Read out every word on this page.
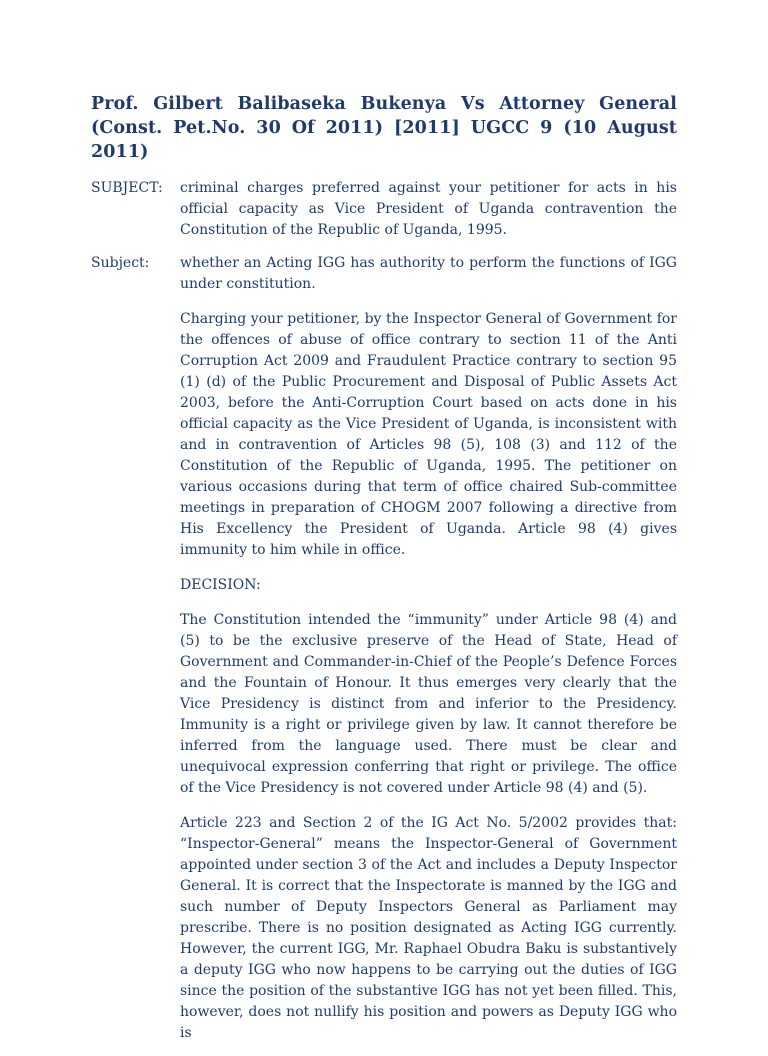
Prof. Gilbert Balibaseka Bukenya Vs Attorney General (Const. Pet.No. 30 Of 2011) [2011] UGCC 9 (10 August 2011)
SUBJECT:	criminal charges preferred against your petitioner for acts in his official capacity as Vice President of Uganda contravention the Constitution of the Republic of Uganda, 1995.
Subject:	whether an Acting IGG has authority to perform the functions of IGG under constitution.

Charging your petitioner, by the Inspector General of Government for the offences of abuse of office contrary to section 11 of the Anti Corruption Act 2009 and Fraudulent Practice contrary to section 95 (1) (d) of the Public Procurement and Disposal of Public Assets Act 2003, before the Anti-Corruption Court based on acts done in his official capacity as the Vice President of Uganda, is inconsistent with and in contravention of Articles 98 (5), 108 (3) and 112 of the Constitution of the Republic of Uganda, 1995. The petitioner on various occasions during that term of office chaired Sub-committee meetings in preparation of CHOGM 2007 following a directive from His Excellency the President of Uganda. Article 98 (4) gives immunity to him while in office.

DECISION:

The Constitution intended the “immunity” under Article 98 (4) and (5) to be the exclusive preserve of the Head of State, Head of Government and Commander-in-Chief of the People’s Defence Forces and the Fountain of Honour. It thus emerges very clearly that the Vice Presidency is distinct from and inferior to the Presidency. Immunity is a right or privilege given by law. It cannot therefore be inferred from the language used. There must be clear and unequivocal expression conferring that right or privilege. The office of the Vice Presidency is not covered under Article 98 (4) and (5).

Article 223 and Section 2 of the IG Act No. 5/2002 provides that: “Inspector-General” means the Inspector-General of Government appointed under section 3 of the Act and includes a Deputy Inspector General. It is correct that the Inspectorate is manned by the IGG and such number of Deputy Inspectors General as Parliament may prescribe. There is no position designated as Acting IGG currently. However, the current IGG, Mr. Raphael Obudra Baku is substantively a deputy IGG who now happens to be carrying out the duties of IGG since the position of the substantive IGG has not yet been filled. This, however, does not nullify his position and powers as Deputy IGG who is
